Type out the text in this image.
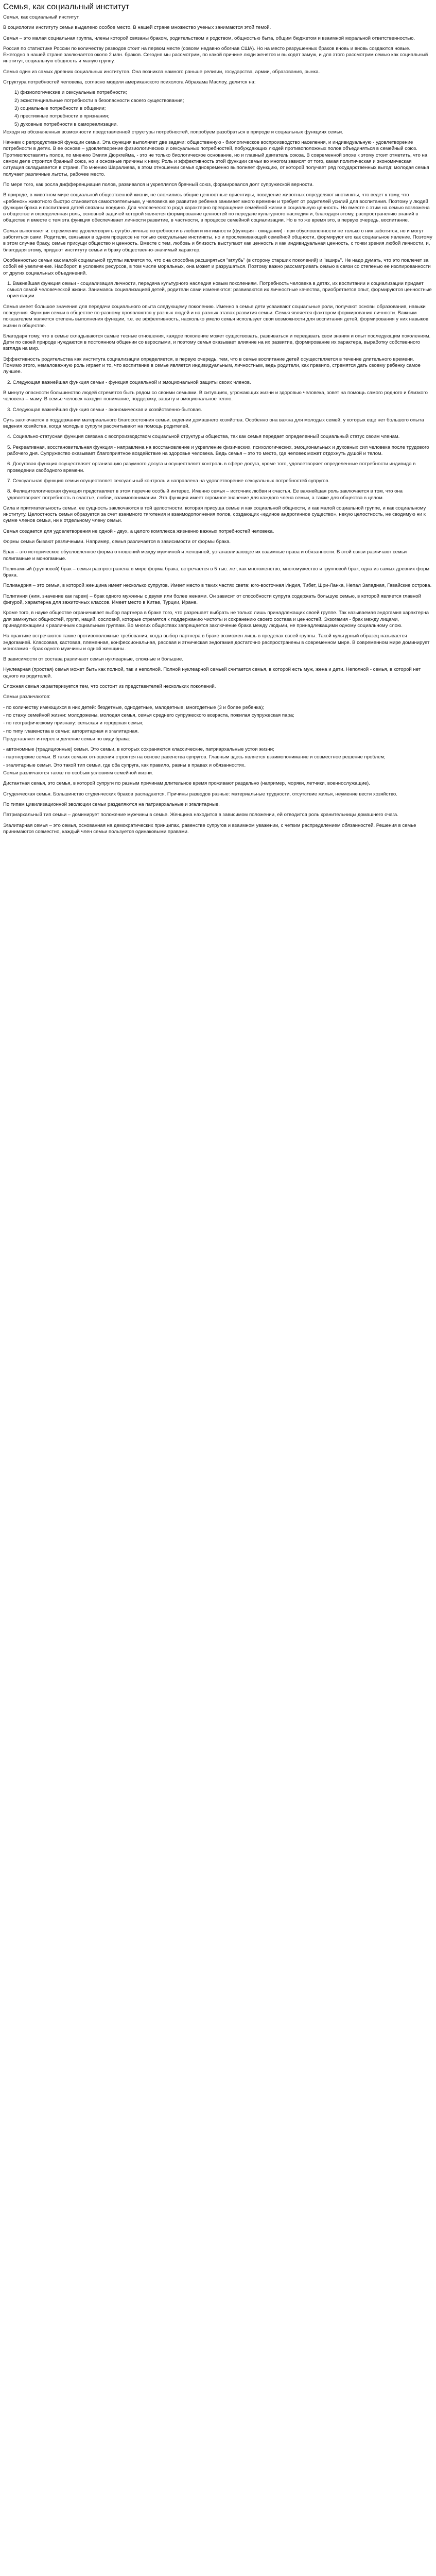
Семья, как социальный институт

Семья, как социальный институт.

В социологии институту семьи выделено особое место. В нашей стране множество ученых занимаются этой темой.

Семья – это малая социальная группа, члены которой связаны браком, родительством и родством, общностью быта, общим бюджетом и взаимной моральной ответственностью.

Россия по статистике России по количеству разводов стоит на первом месте (совсем недавно обогнав США). Но на место разрушенных браков вновь и вновь создаются новые. Ежегодно в нашей стране заключается около 2 млн. браков. Сегодня мы рассмотрим, по какой причине люди женятся и выходят замуж, и для этого рассмотрим семью как социальный институт, социальную общность и малую группу.

Семья один из самых древних социальных институтов. Она возникла намного раньше религии, государства, армии, образования, рынка.

Структура потребностей человека, согласно модели американского психолога Абрахама Маслоу, делится на:

1) физиологические и сексуальные потребности;

2) экзистенциальные потребности в безопасности своего существования;

3) социальные потребности в общении;

4) престижные потребности в признании;

5) духовные потребности в самореализации.

Исходя из обозначенных возможности представленной структуры потребностей, попробуем разобраться в природе и социальных функциях семьи.

Начнем с репродуктивной функции семьи. Эта функция выполняет две задачи: общественную - биологическое воспроизводство населения, и индивидуальную - удовлетворение потребности в детях. В ее основе – удовлетворение физиологических и сексуальных потребностей, побуждающих людей противоположных полов объединяться в семейный союз. Противопоставлять полов, по мнению Эмиля Дюркгейма, - это не только биологическое основание, но и главный двигатель союза. В современной эпохе к этому стоит отметить, что на самом деле строится брачный союз, но и основные причины к нему. Роль и эффективность этой функции семьи во многом зависят от того, какая политическая и экономическая ситуация складывается в стране. По мнению Шаралиева, в этом отношении семья одновременно выполняет функцию, от которой получает ряд государственных выгод: молодая семья получает различные льготы, рабочее место.

По мере того, как росла дифференциация полов, развивался и укреплялся брачный союз, формировался долг супружеской верности.

В природе, в животном мире социальной общественной жизни, не сложились общие ценностные ориентиры, поведение животных определяют инстинкты, что ведет к тому, что «ребенок» животного быстро становится самостоятельным, у человека же развитие ребенка занимает много времени и требует от родителей усилий для воспитания. Поэтому у людей функции брака и воспитания детей связаны воедино. Для человеческого рода характерно превращение семейной жизни в социальную ценность. Но вместе с этим на семью возложена в обществе и определенная роль, основной задачей которой является формирование ценностей по передаче культурного наследия и, благодаря этому, распространению знаний в обществе и вместе с тем эта функция обеспечивает личности развитие, в частности, в процессе семейной социализации. Но в то же время это, в первую очередь, воспитание.

Семья выполняет и: стремление удовлетворить сугубо личные потребности в любви и интимности (функция - ожидании) - при обусловленности не только о них заботятся, но и могут заботиться сами. Родители, связывая в одном процессе не только сексуальные инстинкты, но и прослеживающей семейной общности, формируют его как социальное явление. Поэтому в этом случае браку, семье присущи общество и ценность. Вместе с тем, любовь и близость выступают как ценность и как индивидуальная ценность, с точки зрения любой личности, и, благодаря этому, придают институту семьи и браку общественно-значимый характер.

Особенностью семьи как малой социальной группы является то, что она способна расширяться "вглубь" (в сторону старших поколений) и "вширь". Не надо думать, что это повлечет за собой её увеличение. Наоборот, в условиях ресурсов, в том числе моральных, она может и разрушаться. Поэтому важно рассматривать семью в связи со степенью ее изолированности от других социальных объединений.

1. Важнейшая функция семьи - социализация личности, передача культурного наследия новым поколениям. Потребность человека в детях, их воспитании и социализации придает смысл самой человеческой жизни. Занимаясь социализацией детей, родители сами изменяются: развиваются их личностные качества, приобретается опыт, формируются ценностные ориентации.

Семья имеет большое значение для передачи социального опыта следующему поколению. Именно в семье дети усваивают социальные роли, получают основы образования, навыки поведения. Функции семьи в обществе по-разному проявляются у разных людей и на разных этапах развития семьи. Семья является фактором формирования личности. Важным показателем является степень выполнения функции, т.е. ее эффективность, насколько умело семья использует свои возможности для воспитания детей, формирования у них навыков жизни в обществе.

Благодаря тому, что в семье складываются самые тесные отношения, каждое поколение может существовать, развиваться и передавать свои знания и опыт последующим поколениям. Дети по своей природе нуждаются в постоянном общении со взрослыми, и поэтому семья оказывает влияние на их развитие, формирование их характера, выработку собственного взгляда на мир.

Эффективность родительства как института социализации определяется, в первую очередь, тем, что в семье воспитание детей осуществляется в течение длительного времени. Помимо этого, немаловажную роль играет и то, что воспитание в семье является индивидуальным, личностным, ведь родители, как правило, стремятся дать своему ребенку самое лучшее.

2. Следующая важнейшая функция семьи - функция социальной и эмоциональной защиты своих членов.

В минуту опасности большинство людей стремятся быть рядом со своими семьями. В ситуациях, угрожающих жизни и здоровью человека, зовет на помощь самого родного и близкого человека – маму. В семье человек находит понимание, поддержку, защиту и эмоциональное тепло.

3. Следующая важнейшая функция семьи - экономическая и хозяйственно-бытовая.

Суть заключается в поддержании материального благосостояния семьи, ведении домашнего хозяйства. Особенно она важна для молодых семей, у которых еще нет большого опыта ведения хозяйства, когда молодые супруги рассчитывают на помощь родителей.

4. Социально-статусная функция связана с воспроизводством социальной структуры общества, так как семья передает определенный социальный статус своим членам.

5. Рекреативная, восстановительная функция - направлена на восстановление и укрепление физических, психологических, эмоциональных и духовных сил человека после трудового рабочего дня. Супружество оказывает благоприятное воздействие на здоровье человека. Ведь семья – это то место, где человек может отдохнуть душой и телом.

6. Досуговая функция осуществляет организацию разумного досуга и осуществляет контроль в сфере досуга, кроме того, удовлетворяет определенные потребности индивида в проведении свободного времени.

7. Сексуальная функция семьи осуществляет сексуальный контроль и направлена на удовлетворение сексуальных потребностей супругов.

8. Фелицитологическая функция представляет в этом перечне особый интерес. Именно семья – источник любви и счастья. Ее важнейшая роль заключается в том, что она удовлетворяет потребность в счастье, любви, взаимопонимании. Эта функция имеет огромное значение для каждого члена семьи, а также для общества в целом.

Сила и притягательность семьи, ее сущность заключаются в той целостности, которая присуща семье и как социальной общности, и как малой социальной группе, и как социальному институту. Целостность семьи образуется за счет взаимного тяготения и взаимодополнения полов, создающих «единое андрогинное существо», некую целостность, не сводимую ни к сумме членов семьи, ни к отдельному члену семьи.

Семья создается для удовлетворения не одной - двух, а целого комплекса жизненно важных потребностей человека.

Формы семьи бывают различными. Например, семья различается в зависимости от формы брака.

Брак – это историческое обусловленное форма отношений между мужчиной и женщиной, устанавливающее их взаимные права и обязанности. В этой связи различают семьи полигамные и моногамные.

Полигамный (групповой) брак – семья распространена в мире форма брака, встречается в 5 тыс. лет, как многоженство, многомужество и групповой брак, одна из самых древних форм брака.

Полиандрия – это семья, в которой женщина имеет несколько супругов. Имеет место в таких частях света: юго-восточная Индия, Тибет, Шри-Ланка, Непал Западная, Гавайские острова.

Полигиния (ним. значение как гарем) – брак одного мужчины с двумя или более женами. Он зависит от способности супруга содержать большую семью, в которой является главной фигурой, характерна для зажиточных классов. Имеет место в Китае, Турции, Иране.

Кроме того, в науке обществе ограничивает выбор партнера в браке того, что разрешает выбрать не только лишь принадлежащих своей группе. Так называемая эндогамия характерна для замкнутых общностей, групп, наций, сословий, которые стремятся к поддержанию чистоты и сохранению своего состава и ценностей. Экзогамия - брак между лицами, принадлежащими к различным социальным группам. Во многих обществах запрещается заключение брака между людьми, не принадлежащими одному социальному слою.

На практике встречаются также противоположные требования, когда выбор партнера в браке возможен лишь в пределах своей группы. Такой культурный образец называется эндогамией. Классовая, кастовая, племенная, конфессиональная, расовая и этническая эндогамия достаточно распространены в современном мире. В современном мире доминирует моногамия - брак одного мужчины и одной женщины.

В зависимости от состава различают семьи нуклеарные, сложные и большие.

Нуклеарная (простая) семья может быть как полной, так и неполной. Полной нуклеарной семьей считается семья, в которой есть муж, жена и дети. Неполной - семья, в которой нет одного из родителей.

Сложная семья характеризуется тем, что состоит из представителей нескольких поколений.

Семьи различаются:

- по количеству имеющихся в них детей: бездетные, однодетные, малодетные, многодетные (3 и более ребенка);

- по стажу семейной жизни: молодожены, молодая семья, семья среднего супружеского возраста, пожилая супружеская пара;

- по географическому признаку: сельская и городская семьи;

- по типу главенства в семье: авторитарная и эгалитарная.

Представляет интерес и деление семьи по виду брака:

- автономные (традиционные) семьи. Это семьи, в которых сохраняются классические, патриархальные устои жизни;

- партнерские семьи. В таких семьях отношения строятся на основе равенства супругов. Главным здесь является взаимопонимание и совместное решение проблем;

- эгалитарные семьи. Это такой тип семьи, где оба супруга, как правило, равны в правах и обязанностях.

Семьи различаются также по особым условиям семейной жизни.

Дистантная семья, это семья, в которой супруги по разным причинам длительное время проживают раздельно (например, моряки, летчики, военнослужащие).

Студенческая семья. Большинство студенческих браков распадаются. Причины разводов разные: материальные трудности, отсутствие жилья, неумение вести хозяйство.

По типам цивилизационной эволюции семьи разделяются на патриархальные и эгалитарные.

Патриархальный тип семьи – доминирует положение мужчины в семье. Женщина находится в зависимом положении, ей отводится роль хранительницы домашнего очага.

Эгалитарная семья – это семья, основанная на демократических принципах, равенстве супругов и взаимном уважении, с четким распределением обязанностей. Решения в семье принимаются совместно, каждый член семьи пользуется одинаковыми правами.
